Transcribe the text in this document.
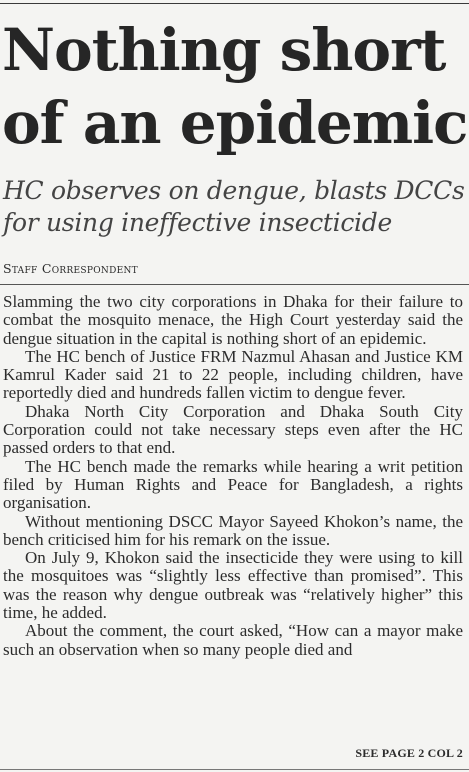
Nothing short
of an epidemic
HC observes on dengue, blasts DCCs
for using ineffective insecticide
Staff Correspondent

Slamming the two city corporations in Dhaka for their failure to combat the mosquito menace, the High Court yesterday said the dengue situation in the capital is nothing short of an epidemic.

The HC bench of Justice FRM Nazmul Ahasan and Justice KM Kamrul Kader said 21 to 22 people, including children, have reportedly died and hundreds fallen victim to dengue fever.

Dhaka North City Corporation and Dhaka South City Corporation could not take necessary steps even after the HC passed orders to that end.

The HC bench made the remarks while hearing a writ petition filed by Human Rights and Peace for Bangladesh, a rights organisation.

Without mentioning DSCC Mayor Sayeed Khokon’s name, the bench criticised him for his remark on the issue.

On July 9, Khokon said the insecticide they were using to kill the mosquitoes was “slightly less effective than promised”. This was the reason why dengue outbreak was “relatively higher” this time, he added.

About the comment, the court asked, “How can a mayor make such an observation when so many people died and

SEE PAGE 2 COL 2
